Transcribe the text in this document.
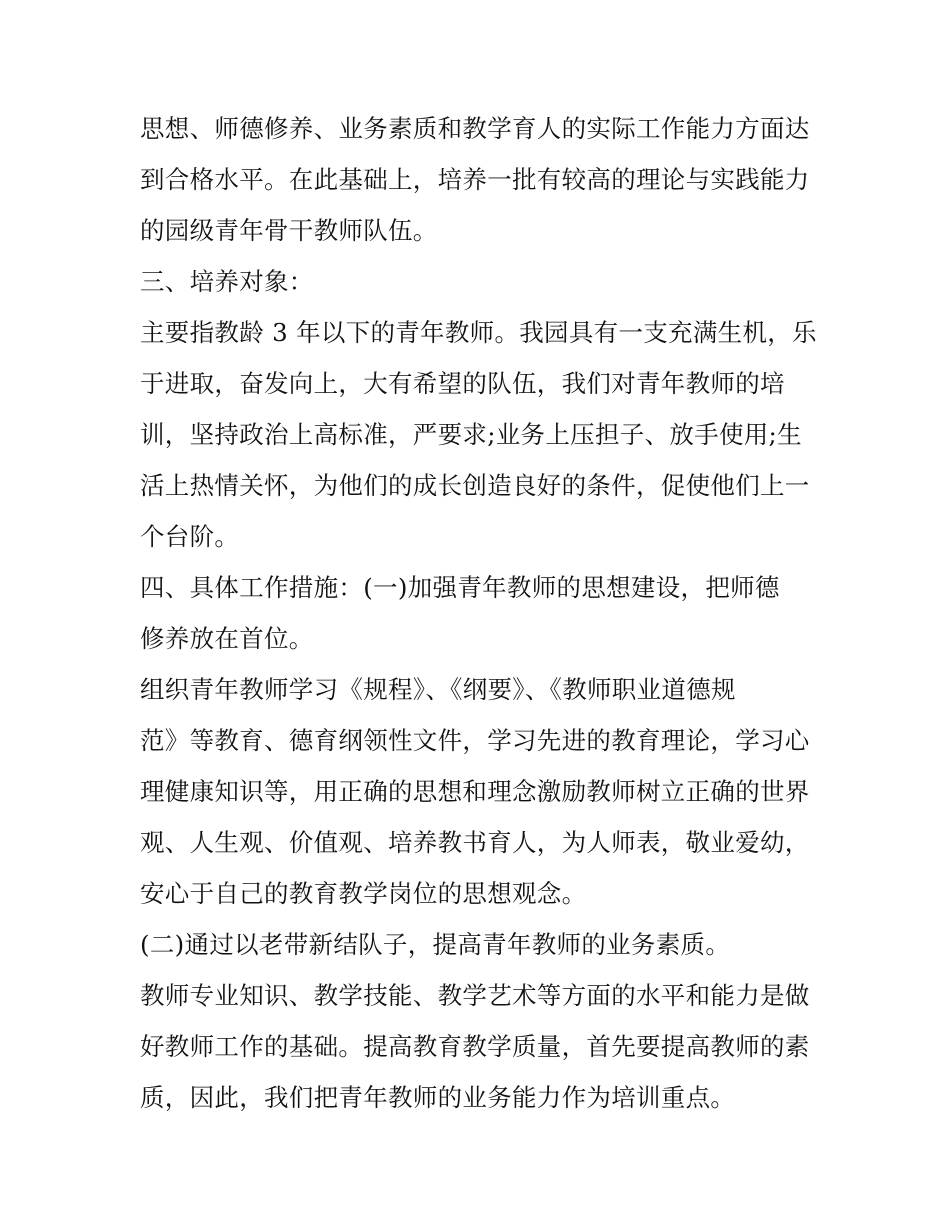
思想、师德修养、业务素质和教学育人的实际工作能力方面达
到合格水平。在此基础上，培养一批有较高的理论与实践能力
的园级青年骨干教师队伍。
三、培养对象：
主要指教龄 3 年以下的青年教师。我园具有一支充满生机，乐
于进取，奋发向上，大有希望的队伍，我们对青年教师的培
训，坚持政治上高标准，严要求;业务上压担子、放手使用;生
活上热情关怀，为他们的成长创造良好的条件，促使他们上一
个台阶。
四、具体工作措施：(一)加强青年教师的思想建设，把师德
修养放在首位。
组织青年教师学习《规程》、《纲要》、《教师职业道德规
范》等教育、德育纲领性文件，学习先进的教育理论，学习心
理健康知识等，用正确的思想和理念激励教师树立正确的世界
观、人生观、价值观、培养教书育人，为人师表，敬业爱幼，
安心于自己的教育教学岗位的思想观念。
(二)通过以老带新结队子，提高青年教师的业务素质。
教师专业知识、教学技能、教学艺术等方面的水平和能力是做
好教师工作的基础。提高教育教学质量，首先要提高教师的素
质，因此，我们把青年教师的业务能力作为培训重点。
